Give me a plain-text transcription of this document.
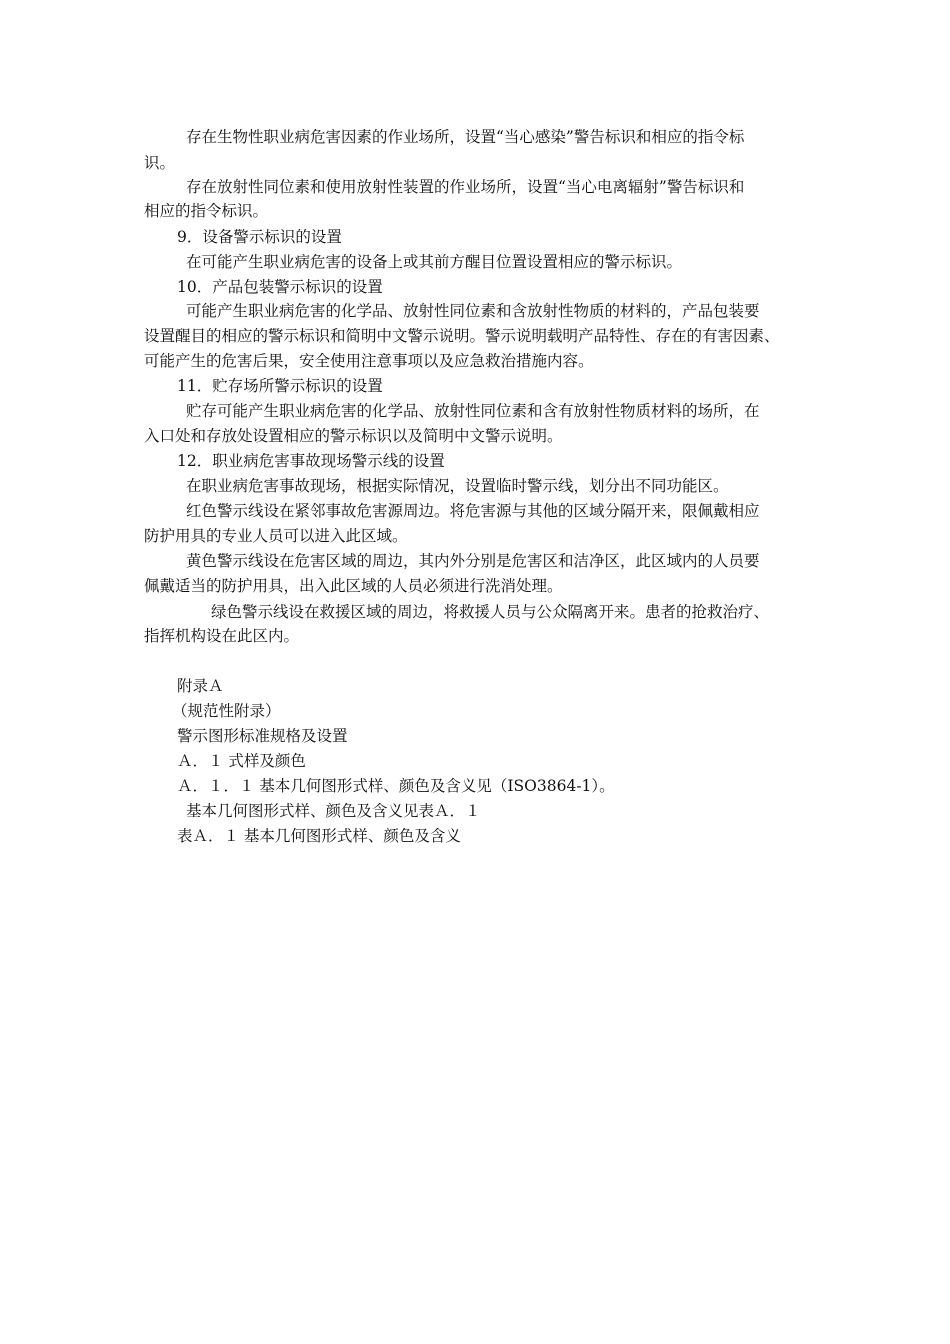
存在生物性职业病危害因素的作业场所，设置“当心感染”警告标识和相应的指令标
识。
存在放射性同位素和使用放射性装置的作业场所，设置“当心电离辐射”警告标识和
相应的指令标识。
9．设备警示标识的设置
在可能产生职业病危害的设备上或其前方醒目位置设置相应的警示标识。
10．产品包装警示标识的设置
可能产生职业病危害的化学品、放射性同位素和含放射性物质的材料的，产品包装要
设置醒目的相应的警示标识和简明中文警示说明。警示说明载明产品特性、存在的有害因素、
可能产生的危害后果，安全使用注意事项以及应急救治措施内容。
11．贮存场所警示标识的设置
贮存可能产生职业病危害的化学品、放射性同位素和含有放射性物质材料的场所，在
入口处和存放处设置相应的警示标识以及简明中文警示说明。
12．职业病危害事故现场警示线的设置
在职业病危害事故现场，根据实际情况，设置临时警示线，划分出不同功能区。
红色警示线设在紧邻事故危害源周边。将危害源与其他的区域分隔开来，限佩戴相应
防护用具的专业人员可以进入此区域。
黄色警示线设在危害区域的周边，其内外分别是危害区和洁净区，此区域内的人员要
佩戴适当的防护用具，出入此区域的人员必须进行洗消处理。
绿色警示线设在救援区域的周边，将救援人员与公众隔离开来。患者的抢救治疗、
指挥机构设在此区内。
附录Ａ
（规范性附录）
警示图形标准规格及设置
Ａ．１ 式样及颜色
Ａ．１．１ 基本几何图形式样、颜色及含义见（ISO3864-1）。
基本几何图形式样、颜色及含义见表Ａ．１
表Ａ．１ 基本几何图形式样、颜色及含义
